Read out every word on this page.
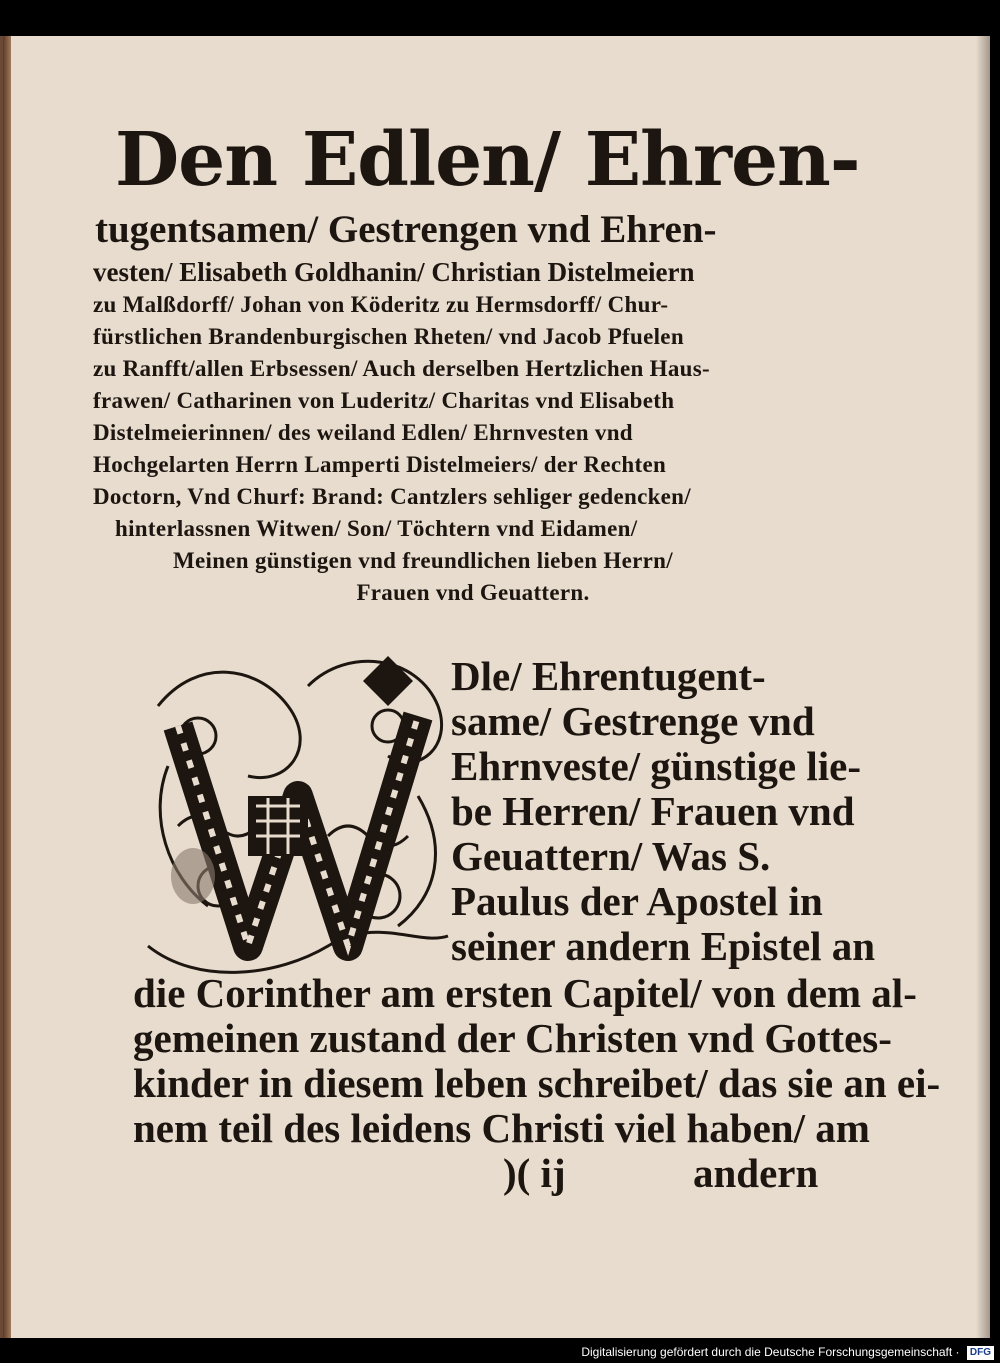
Den Edlen/ Ehren-

tugentsamen/ Gestrengen vnd Ehren-

vesten/ Elisabeth Goldhanin/ Christian Distelmeiern

zu Malßdorff/ Johan von Köderitz zu Hermsdorff/ Chur-

fürstlichen Brandenburgischen Rheten/ vnd Jacob Pfuelen

zu Ranfft/allen Erbsessen/ Auch derselben Hertzlichen Haus-

frawen/ Catharinen von Luderitz/ Charitas vnd Elisabeth

Distelmeierinnen/ des weiland Edlen/ Ehrnvesten vnd

Hochgelarten Herrn Lamperti Distelmeiers/ der Rechten

Doctorn, Vnd Churf: Brand: Cantzlers sehliger gedencken/

hinterlassnen Witwen/ Son/ Töchtern vnd Eidamen/

Meinen günstigen vnd freundlichen lieben Herrn/

Frauen vnd Geuattern.

Dle/ Ehrentugent-

same/ Gestrenge vnd

Ehrnveste/ günstige lie-

be Herren/ Frauen vnd

Geuattern/ Was S.

Paulus der Apostel in

seiner andern Epistel an

die Corinther am ersten Capitel/ von dem al-

gemeinen zustand der Christen vnd Gottes-

kinder in diesem leben schreibet/ das sie an ei-

nem teil des leidens Christi viel haben/ am

)( ij	andern

Digitalisierung gefördert durch die Deutsche Forschungsgemeinschaft · DFG
